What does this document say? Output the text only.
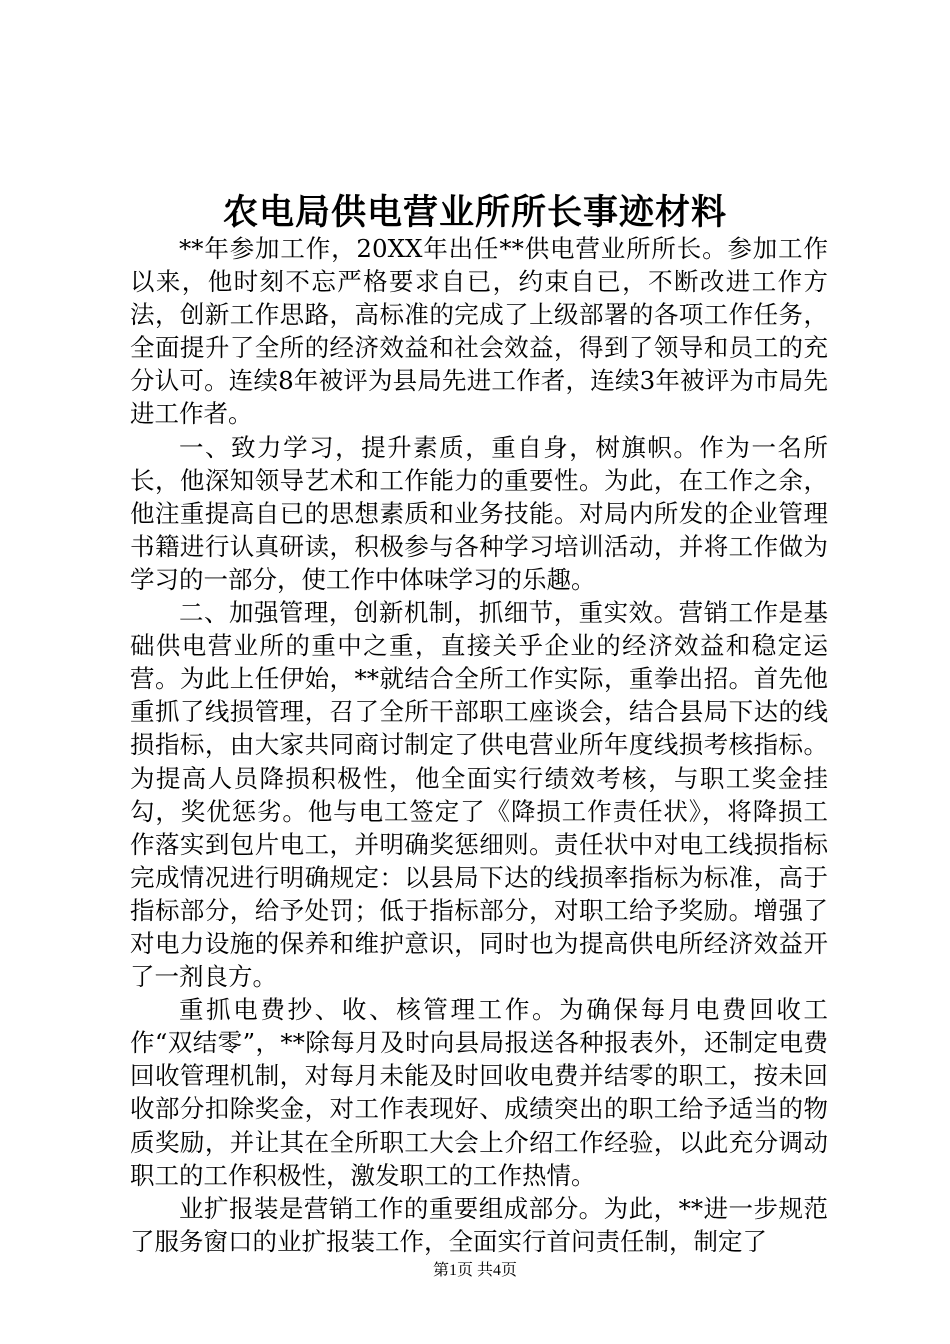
农电局供电营业所所长事迹材料

**年参加工作，20XX年出任**供电营业所所长。参加工作以来，他时刻不忘严格要求自已，约束自已，不断改进工作方法，创新工作思路，高标准的完成了上级部署的各项工作任务，全面提升了全所的经济效益和社会效益，得到了领导和员工的充分认可。连续8年被评为县局先进工作者，连续3年被评为市局先进工作者。

一、致力学习，提升素质，重自身，树旗帜。作为一名所长，他深知领导艺术和工作能力的重要性。为此，在工作之余，他注重提高自已的思想素质和业务技能。对局内所发的企业管理书籍进行认真研读，积极参与各种学习培训活动，并将工作做为学习的一部分，使工作中体味学习的乐趣。

二、加强管理，创新机制，抓细节，重实效。营销工作是基础供电营业所的重中之重，直接关乎企业的经济效益和稳定运营。为此上任伊始，**就结合全所工作实际，重拳出招。首先他重抓了线损管理，召了全所干部职工座谈会，结合县局下达的线损指标，由大家共同商讨制定了供电营业所年度线损考核指标。为提高人员降损积极性，他全面实行绩效考核，与职工奖金挂勾，奖优惩劣。他与电工签定了《降损工作责任状》，将降损工作落实到包片电工，并明确奖惩细则。责任状中对电工线损指标完成情况进行明确规定：以县局下达的线损率指标为标准，高于指标部分，给予处罚；低于指标部分，对职工给予奖励。增强了对电力设施的保养和维护意识，同时也为提高供电所经济效益开了一剂良方。

重抓电费抄、收、核管理工作。为确保每月电费回收工作“双结零”，**除每月及时向县局报送各种报表外，还制定电费回收管理机制，对每月未能及时回收电费并结零的职工，按未回收部分扣除奖金，对工作表现好、成绩突出的职工给予适当的物质奖励，并让其在全所职工大会上介绍工作经验，以此充分调动职工的工作积极性，激发职工的工作热情。

业扩报装是营销工作的重要组成部分。为此，**进一步规范了服务窗口的业扩报装工作，全面实行首问责任制，制定了

第1页 共4页
